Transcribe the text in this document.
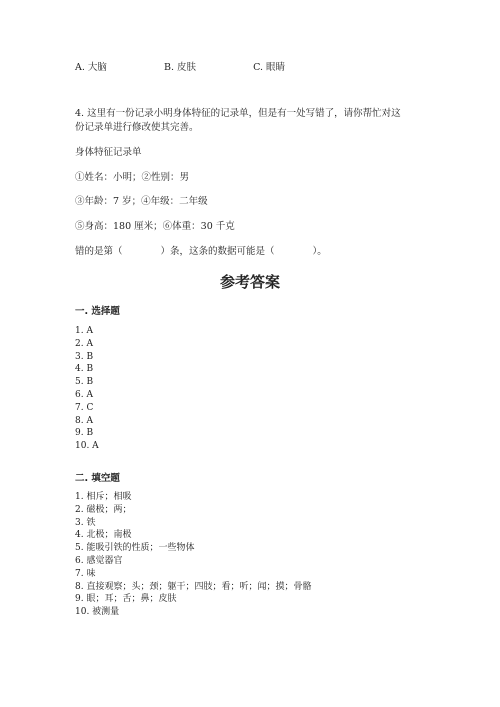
A. 大脑	B. 皮肤	C. 眼睛
4. 这里有一份记录小明身体特征的记录单，但是有一处写错了，请你帮忙对这
份记录单进行修改使其完善。
身体特征记录单
①姓名：小明；②性别：男
③年龄：7 岁；④年级：二年级
⑤身高：180 厘米；⑥体重：30 千克
错的是第（　　　　）条，这条的数据可能是（　　　　）。
参考答案
一. 选择题
1. A
2. A
3. B
4. B
5. B
6. A
7. C
8. A
9. B
10. A
二. 填空题
1. 相斥；相吸
2. 磁极；两；
3. 铁
4. 北极；南极
5. 能吸引铁的性质；一些物体
6. 感觉器官
7. 味
8. 直接观察；头；颈；躯干；四肢；看；听；闻；摸；骨骼
9. 眼；耳；舌；鼻；皮肤
10. 被测量
